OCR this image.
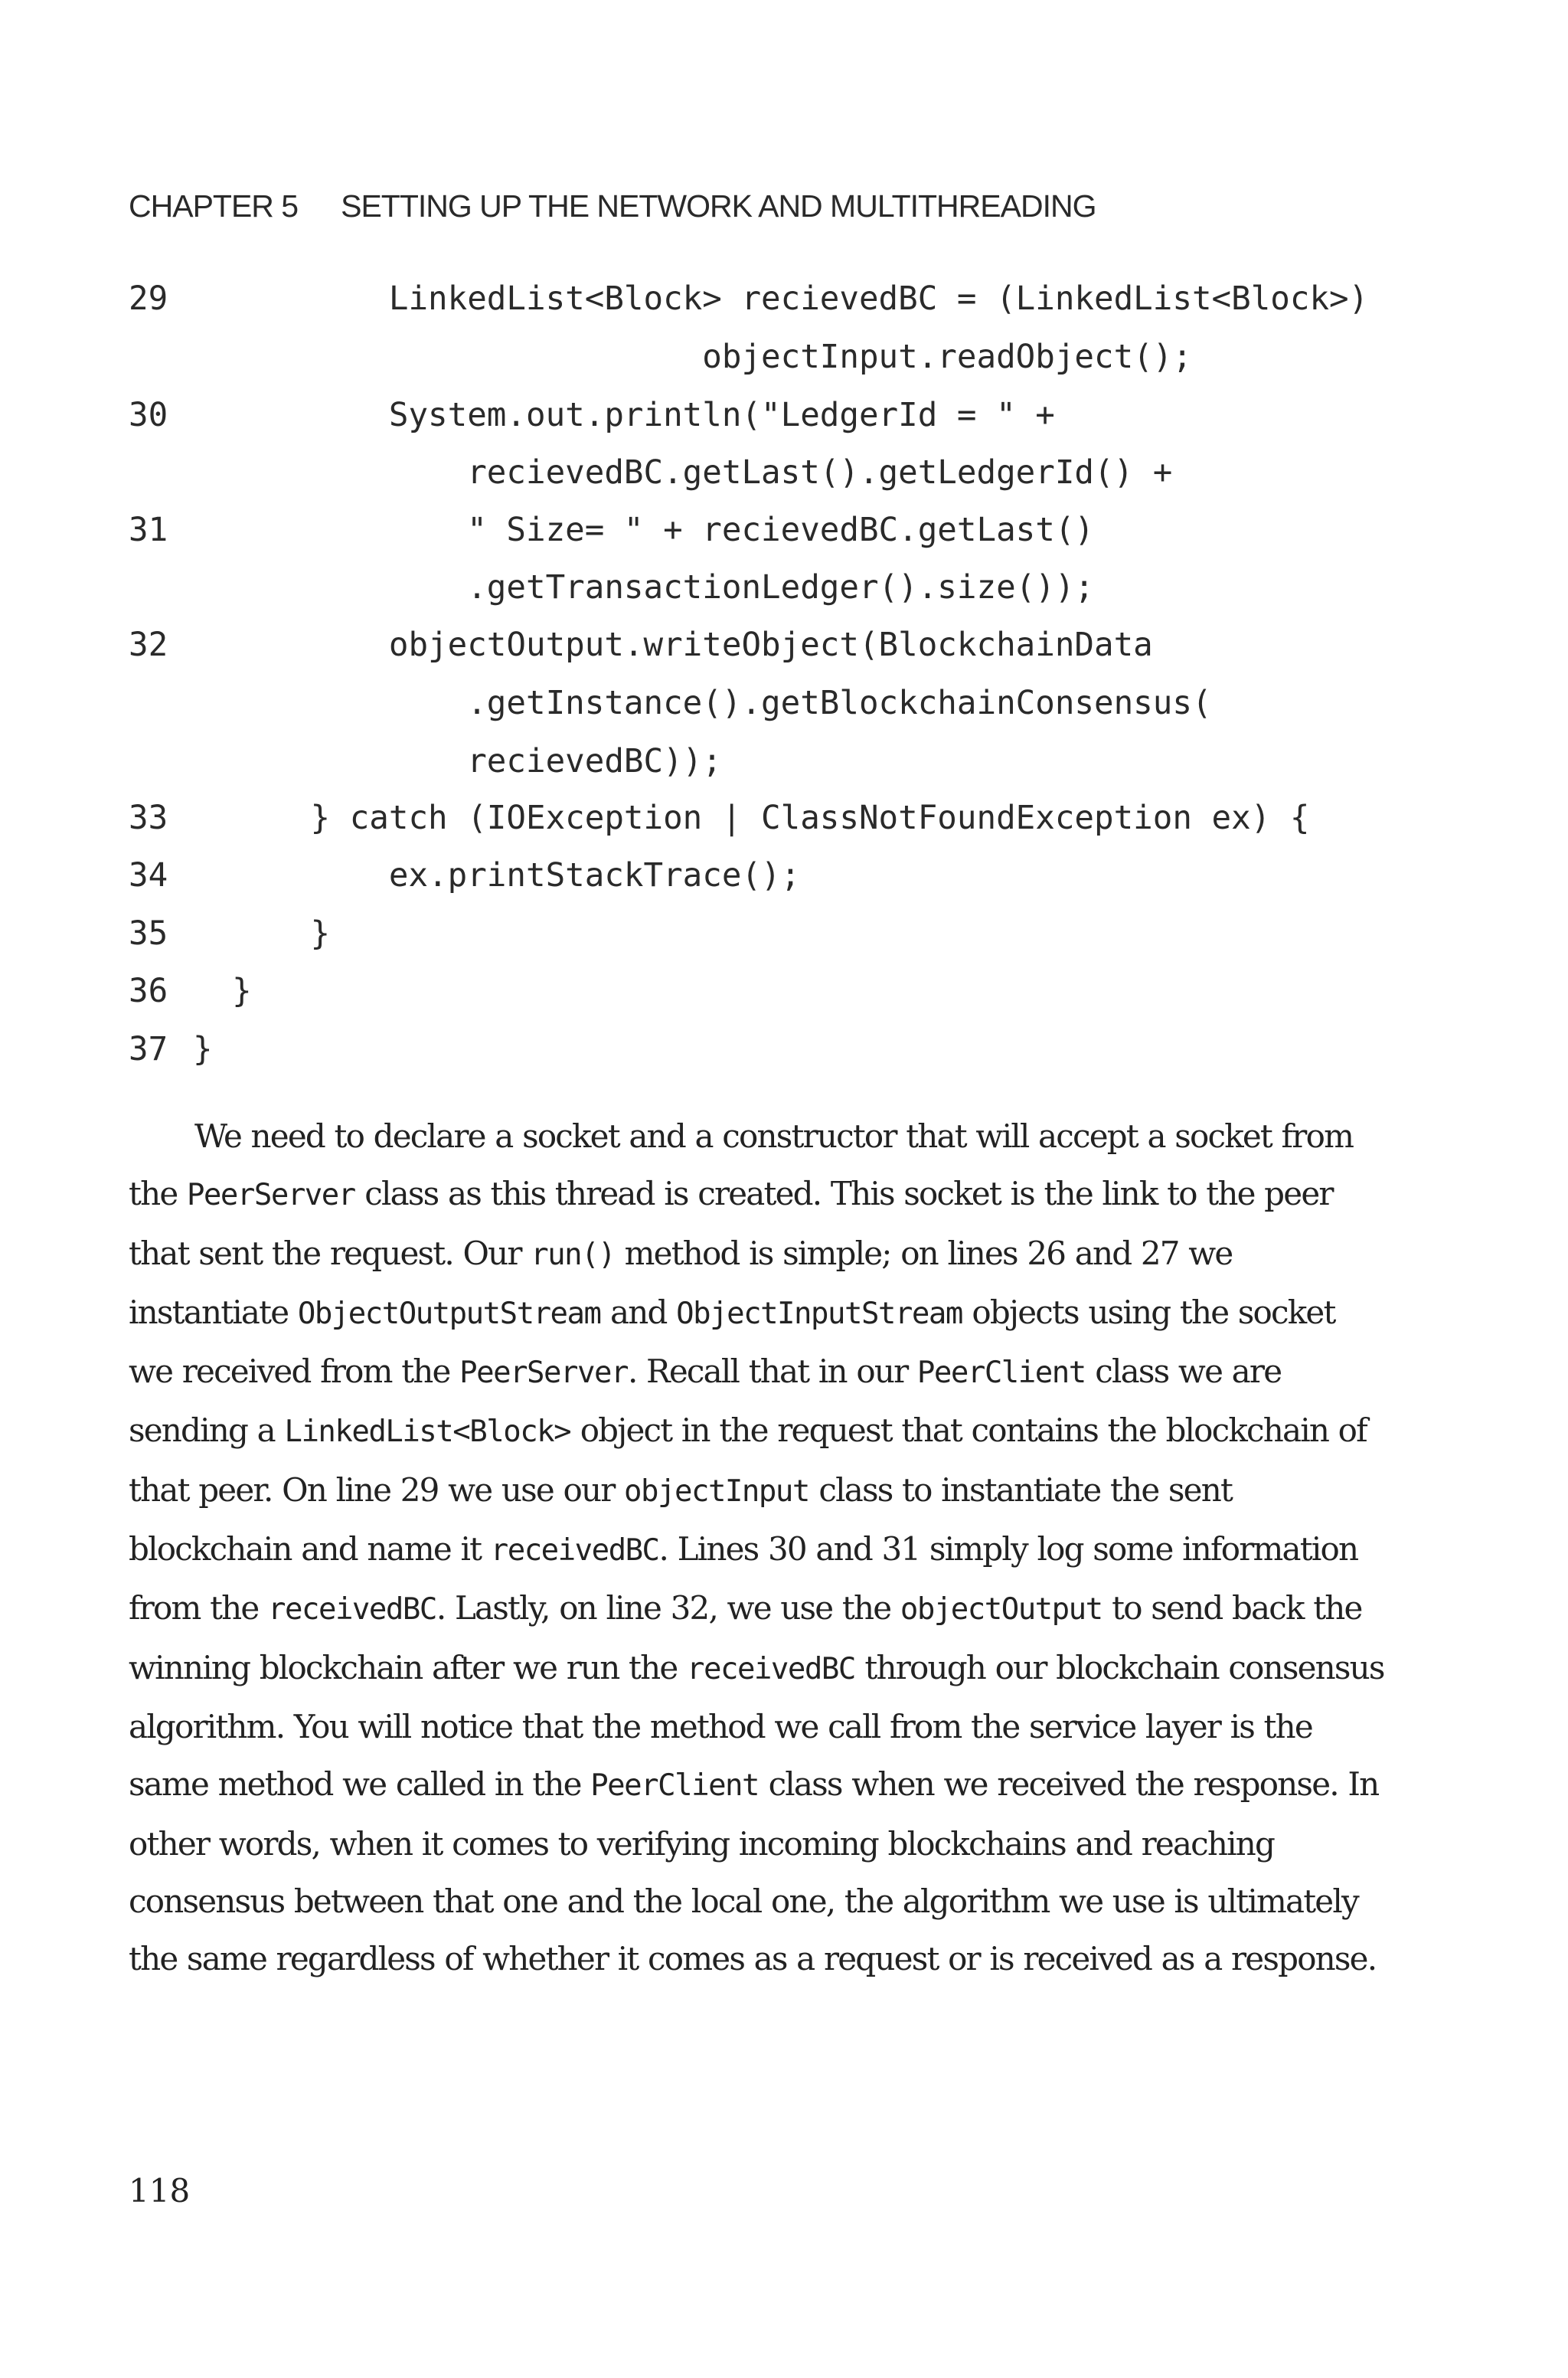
CHAPTER 5 SETTING UP THE NETWORK AND MULTITHREADING
29          LinkedList<Block> recievedBC = (LinkedList<Block>)
objectInput.readObject();
30          System.out.println("LedgerId = " +
recievedBC.getLast().getLedgerId() +
31              " Size= " + recievedBC.getLast()
.getTransactionLedger().size());
32          objectOutput.writeObject(BlockchainData
.getInstance().getBlockchainConsensus(
recievedBC));
33      } catch (IOException | ClassNotFoundException ex) {
34          ex.printStackTrace();
35      }
36  }
37 }

We need to declare a socket and a constructor that will accept a socket from the PeerServer class as this thread is created. This socket is the link to the peer that sent the request. Our run() method is simple; on lines 26 and 27 we instantiate ObjectOutputStream and ObjectInputStream objects using the socket we received from the PeerServer. Recall that in our PeerClient class we are sending a LinkedList<Block> object in the request that contains the blockchain of that peer. On line 29 we use our objectInput class to instantiate the sent blockchain and name it receivedBC. Lines 30 and 31 simply log some information from the receivedBC. Lastly, on line 32, we use the objectOutput to send back the winning blockchain after we run the receivedBC through our blockchain consensus algorithm. You will notice that the method we call from the service layer is the same method we called in the PeerClient class when we received the response. In other words, when it comes to verifying incoming blockchains and reaching consensus between that one and the local one, the algorithm we use is ultimately the same regardless of whether it comes as a request or is received as a response.

118
